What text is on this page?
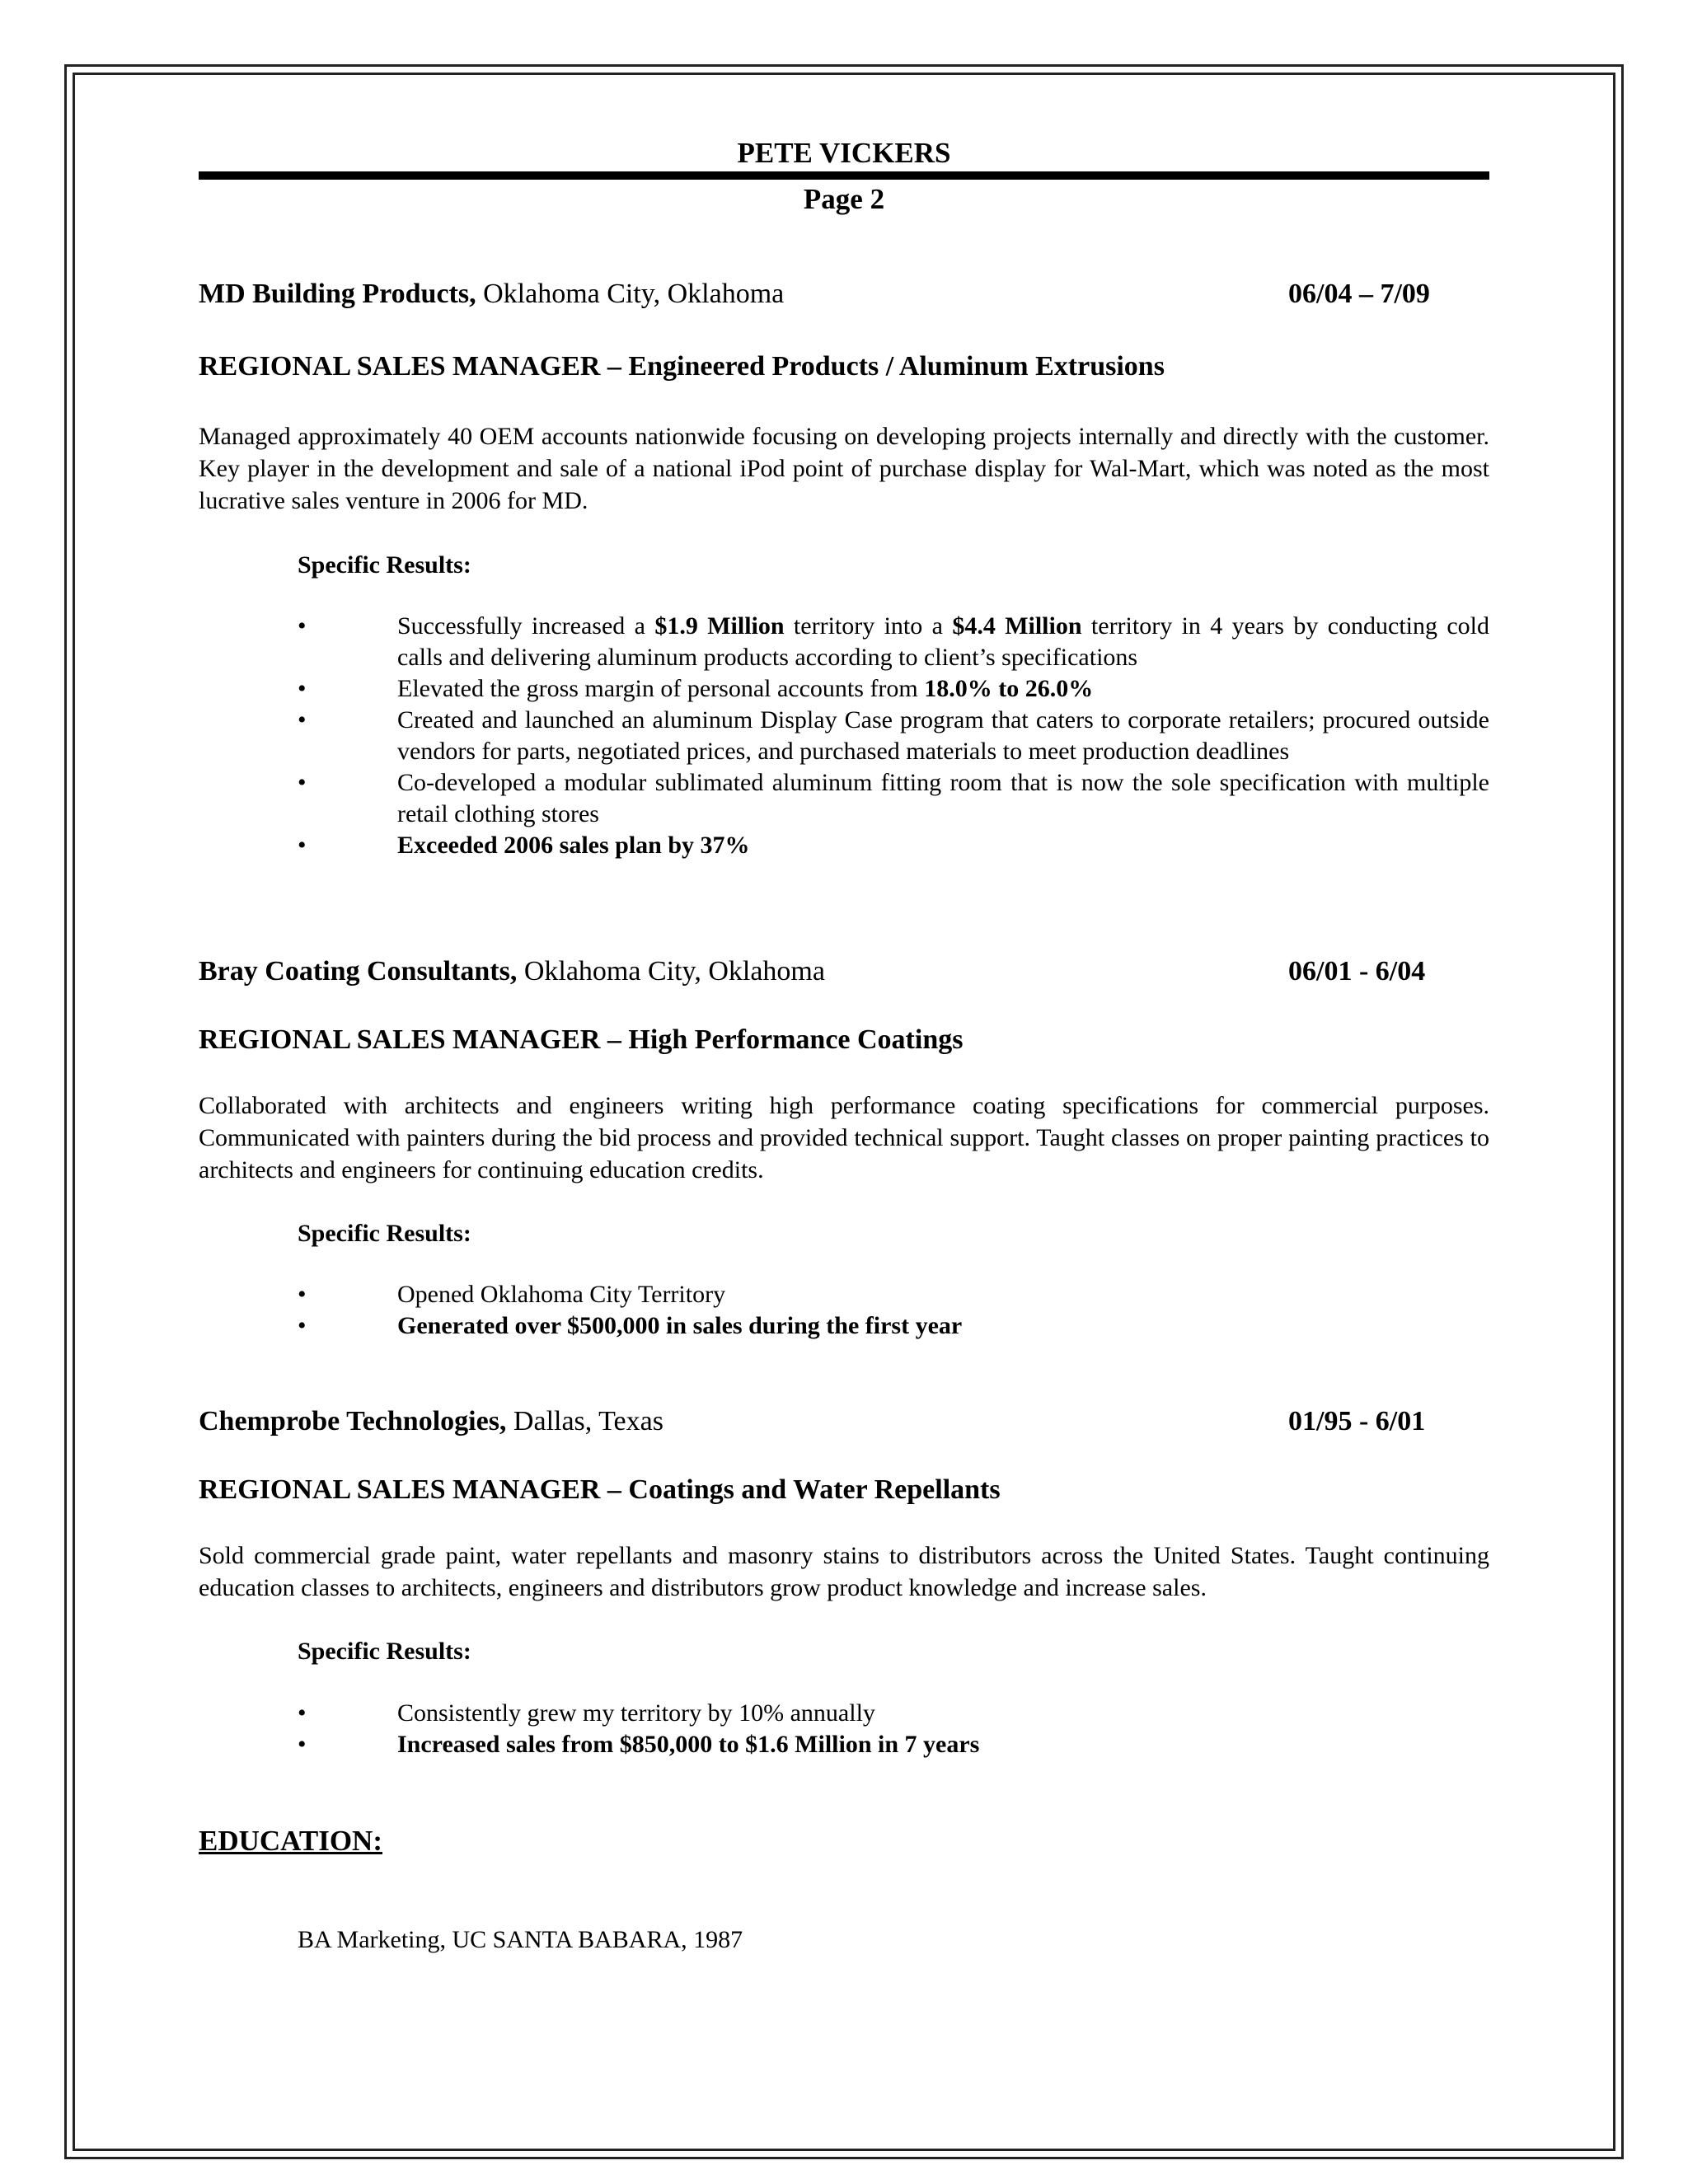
PETE VICKERS
Page 2
MD Building Products, Oklahoma City, Oklahoma	06/04 – 7/09
REGIONAL SALES MANAGER – Engineered Products / Aluminum Extrusions
Managed approximately 40 OEM accounts nationwide focusing on developing projects internally and directly with the customer. Key player in the development and sale of a national iPod point of purchase display for Wal-Mart, which was noted as the most lucrative sales venture in 2006 for MD.
Specific Results:
•	Successfully increased a $1.9 Million territory into a $4.4 Million territory in 4 years by conducting cold calls and delivering aluminum products according to client’s specifications
•	Elevated the gross margin of personal accounts from 18.0% to 26.0%
•	Created and launched an aluminum Display Case program that caters to corporate retailers; procured outside vendors for parts, negotiated prices, and purchased materials to meet production deadlines
•	Co-developed a modular sublimated aluminum fitting room that is now the sole specification with multiple retail clothing stores
•	Exceeded 2006 sales plan by 37%
Bray Coating Consultants, Oklahoma City, Oklahoma	06/01 - 6/04
REGIONAL SALES MANAGER – High Performance Coatings
Collaborated with architects and engineers writing high performance coating specifications for commercial purposes. Communicated with painters during the bid process and provided technical support. Taught classes on proper painting practices to architects and engineers for continuing education credits.
Specific Results:
•	Opened Oklahoma City Territory
•	Generated over $500,000 in sales during the first year
Chemprobe Technologies, Dallas, Texas	01/95 - 6/01
REGIONAL SALES MANAGER – Coatings and Water Repellants
Sold commercial grade paint, water repellants and masonry stains to distributors across the United States. Taught continuing education classes to architects, engineers and distributors grow product knowledge and increase sales.
Specific Results:
•	Consistently grew my territory by 10% annually
•	Increased sales from $850,000 to $1.6 Million in 7 years
EDUCATION:
BA Marketing, UC SANTA BABARA, 1987
